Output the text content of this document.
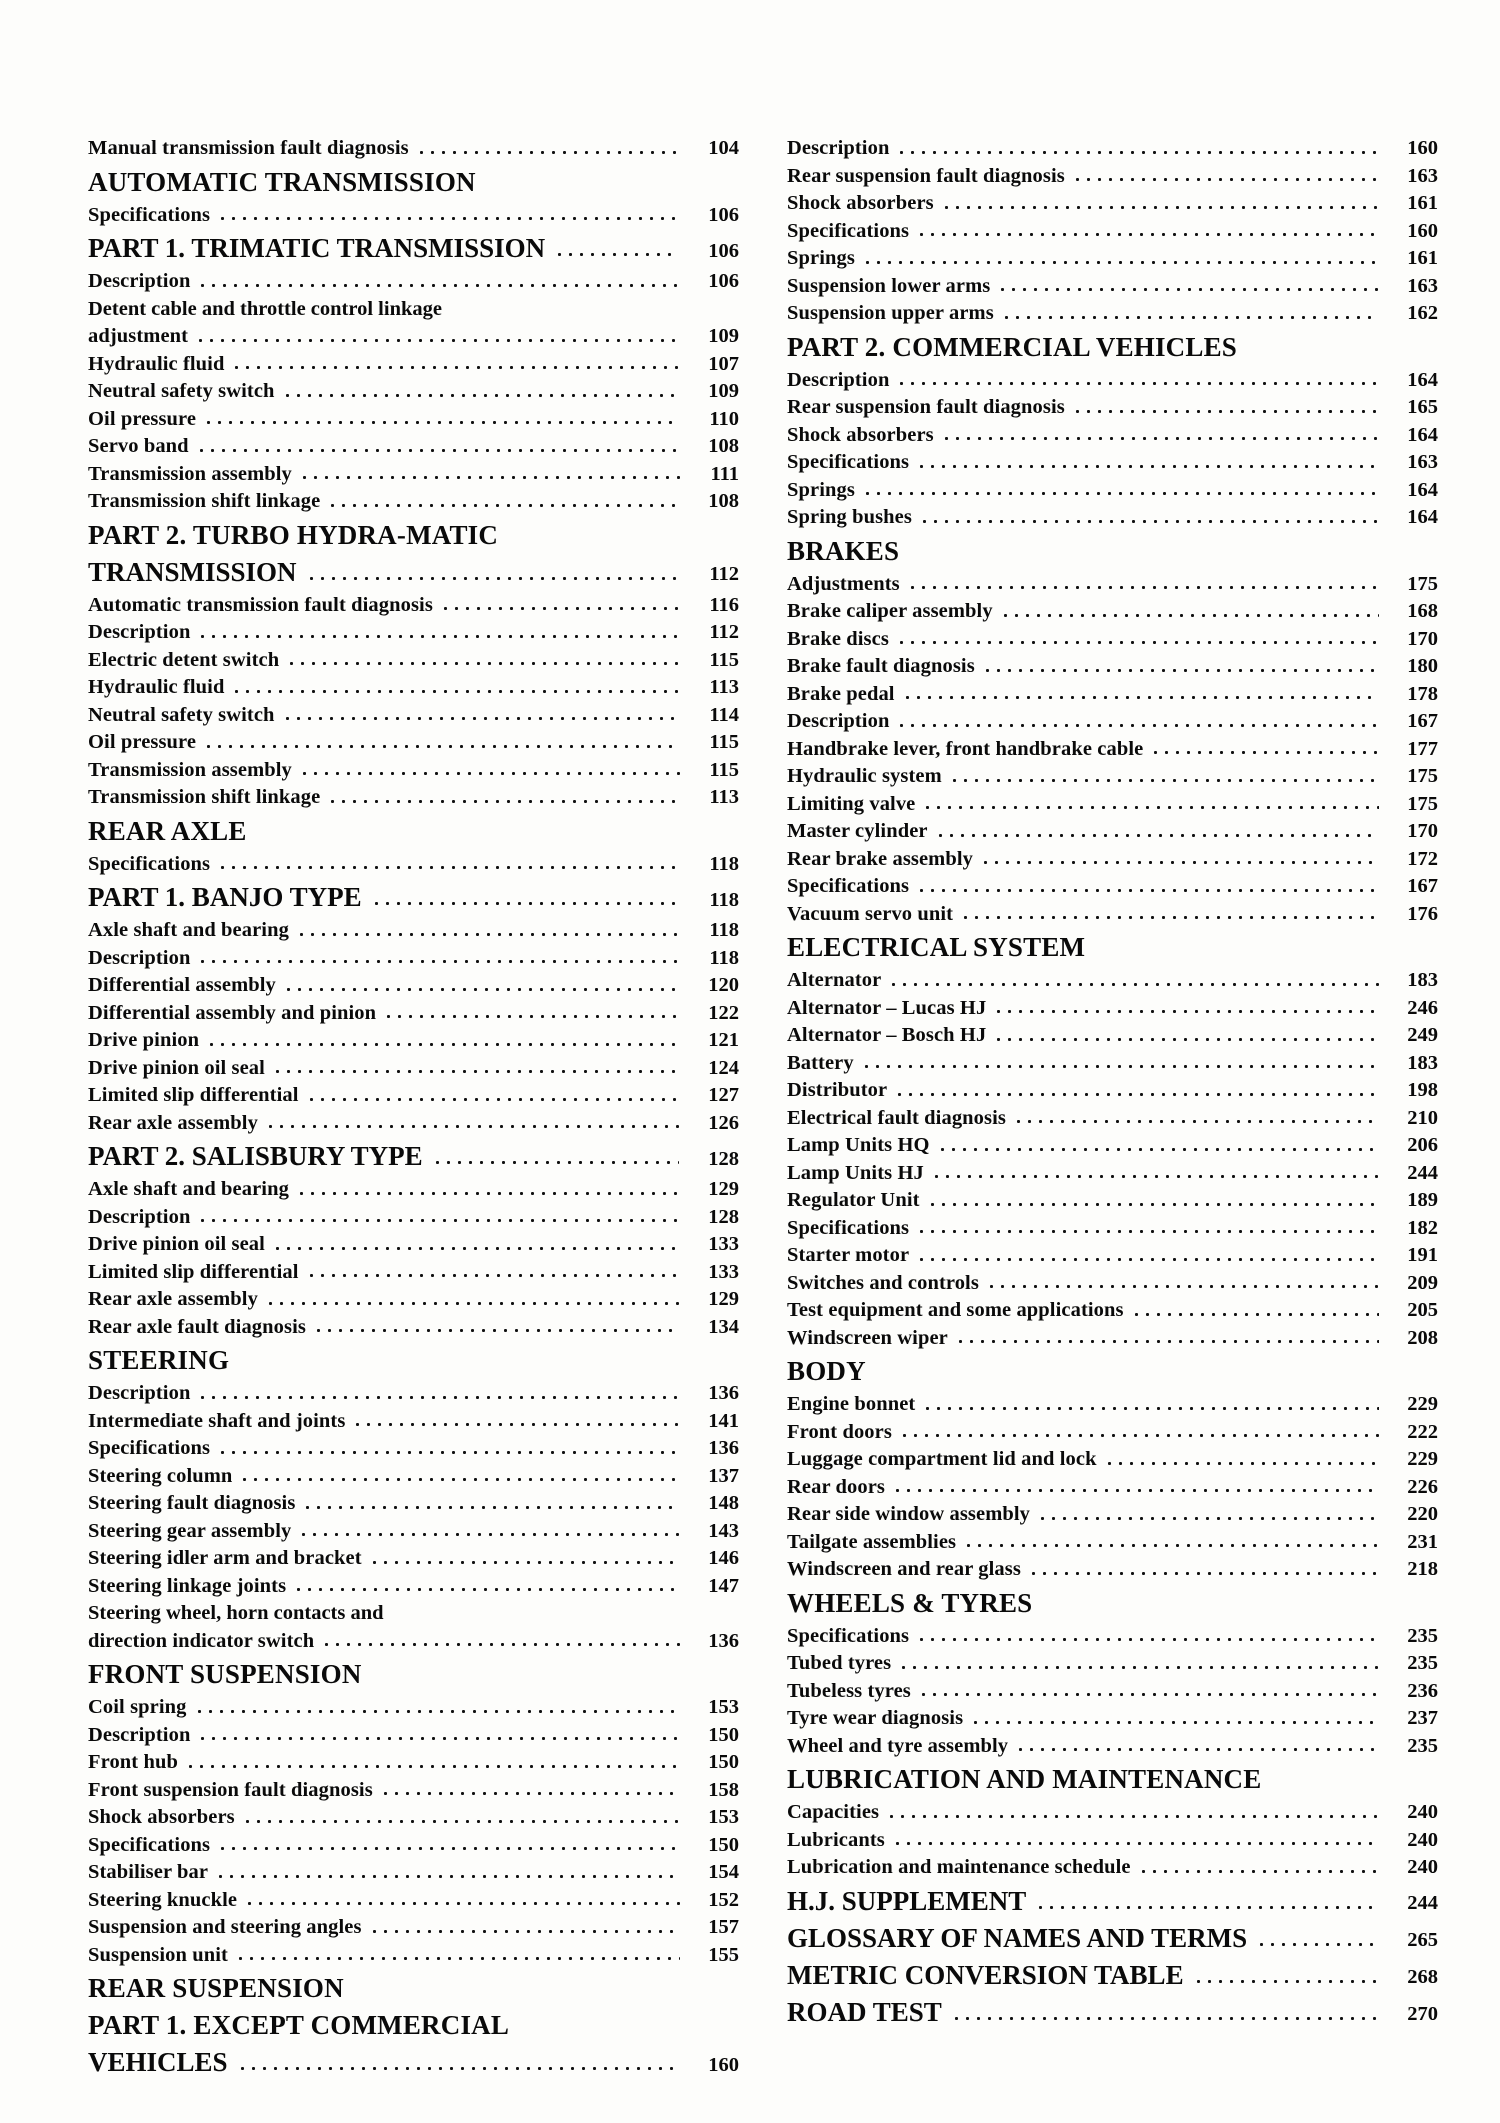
Manual transmission fault diagnosis	104
AUTOMATIC TRANSMISSION
Specifications	106
PART 1. TRIMATIC TRANSMISSION	106
Description	106
Detent cable and throttle control linkage
adjustment	109
Hydraulic fluid	107
Neutral safety switch	109
Oil pressure	110
Servo band	108
Transmission assembly	111
Transmission shift linkage	108
PART 2. TURBO HYDRA-MATIC
TRANSMISSION	112
Automatic transmission fault diagnosis	116
Description	112
Electric detent switch	115
Hydraulic fluid	113
Neutral safety switch	114
Oil pressure	115
Transmission assembly	115
Transmission shift linkage	113
REAR AXLE
Specifications	118
PART 1. BANJO TYPE	118
Axle shaft and bearing	118
Description	118
Differential assembly	120
Differential assembly and pinion	122
Drive pinion	121
Drive pinion oil seal	124
Limited slip differential	127
Rear axle assembly	126
PART 2. SALISBURY TYPE	128
Axle shaft and bearing	129
Description	128
Drive pinion oil seal	133
Limited slip differential	133
Rear axle assembly	129
Rear axle fault diagnosis	134
STEERING
Description	136
Intermediate shaft and joints	141
Specifications	136
Steering column	137
Steering fault diagnosis	148
Steering gear assembly	143
Steering idler arm and bracket	146
Steering linkage joints	147
Steering wheel, horn contacts and
direction indicator switch	136
FRONT SUSPENSION
Coil spring	153
Description	150
Front hub	150
Front suspension fault diagnosis	158
Shock absorbers	153
Specifications	150
Stabiliser bar	154
Steering knuckle	152
Suspension and steering angles	157
Suspension unit	155
REAR SUSPENSION
PART 1. EXCEPT COMMERCIAL
VEHICLES	160
Description	160
Rear suspension fault diagnosis	163
Shock absorbers	161
Specifications	160
Springs	161
Suspension lower arms	163
Suspension upper arms	162
PART 2. COMMERCIAL VEHICLES
Description	164
Rear suspension fault diagnosis	165
Shock absorbers	164
Specifications	163
Springs	164
Spring bushes	164
BRAKES
Adjustments	175
Brake caliper assembly	168
Brake discs	170
Brake fault diagnosis	180
Brake pedal	178
Description	167
Handbrake lever, front handbrake cable	177
Hydraulic system	175
Limiting valve	175
Master cylinder	170
Rear brake assembly	172
Specifications	167
Vacuum servo unit	176
ELECTRICAL SYSTEM
Alternator	183
Alternator – Lucas HJ	246
Alternator – Bosch HJ	249
Battery	183
Distributor	198
Electrical fault diagnosis	210
Lamp Units HQ	206
Lamp Units HJ	244
Regulator Unit	189
Specifications	182
Starter motor	191
Switches and controls	209
Test equipment and some applications	205
Windscreen wiper	208
BODY
Engine bonnet	229
Front doors	222
Luggage compartment lid and lock	229
Rear doors	226
Rear side window assembly	220
Tailgate assemblies	231
Windscreen and rear glass	218
WHEELS & TYRES
Specifications	235
Tubed tyres	235
Tubeless tyres	236
Tyre wear diagnosis	237
Wheel and tyre assembly	235
LUBRICATION AND MAINTENANCE
Capacities	240
Lubricants	240
Lubrication and maintenance schedule	240
H.J. SUPPLEMENT	244
GLOSSARY OF NAMES AND TERMS	265
METRIC CONVERSION TABLE	268
ROAD TEST	270
